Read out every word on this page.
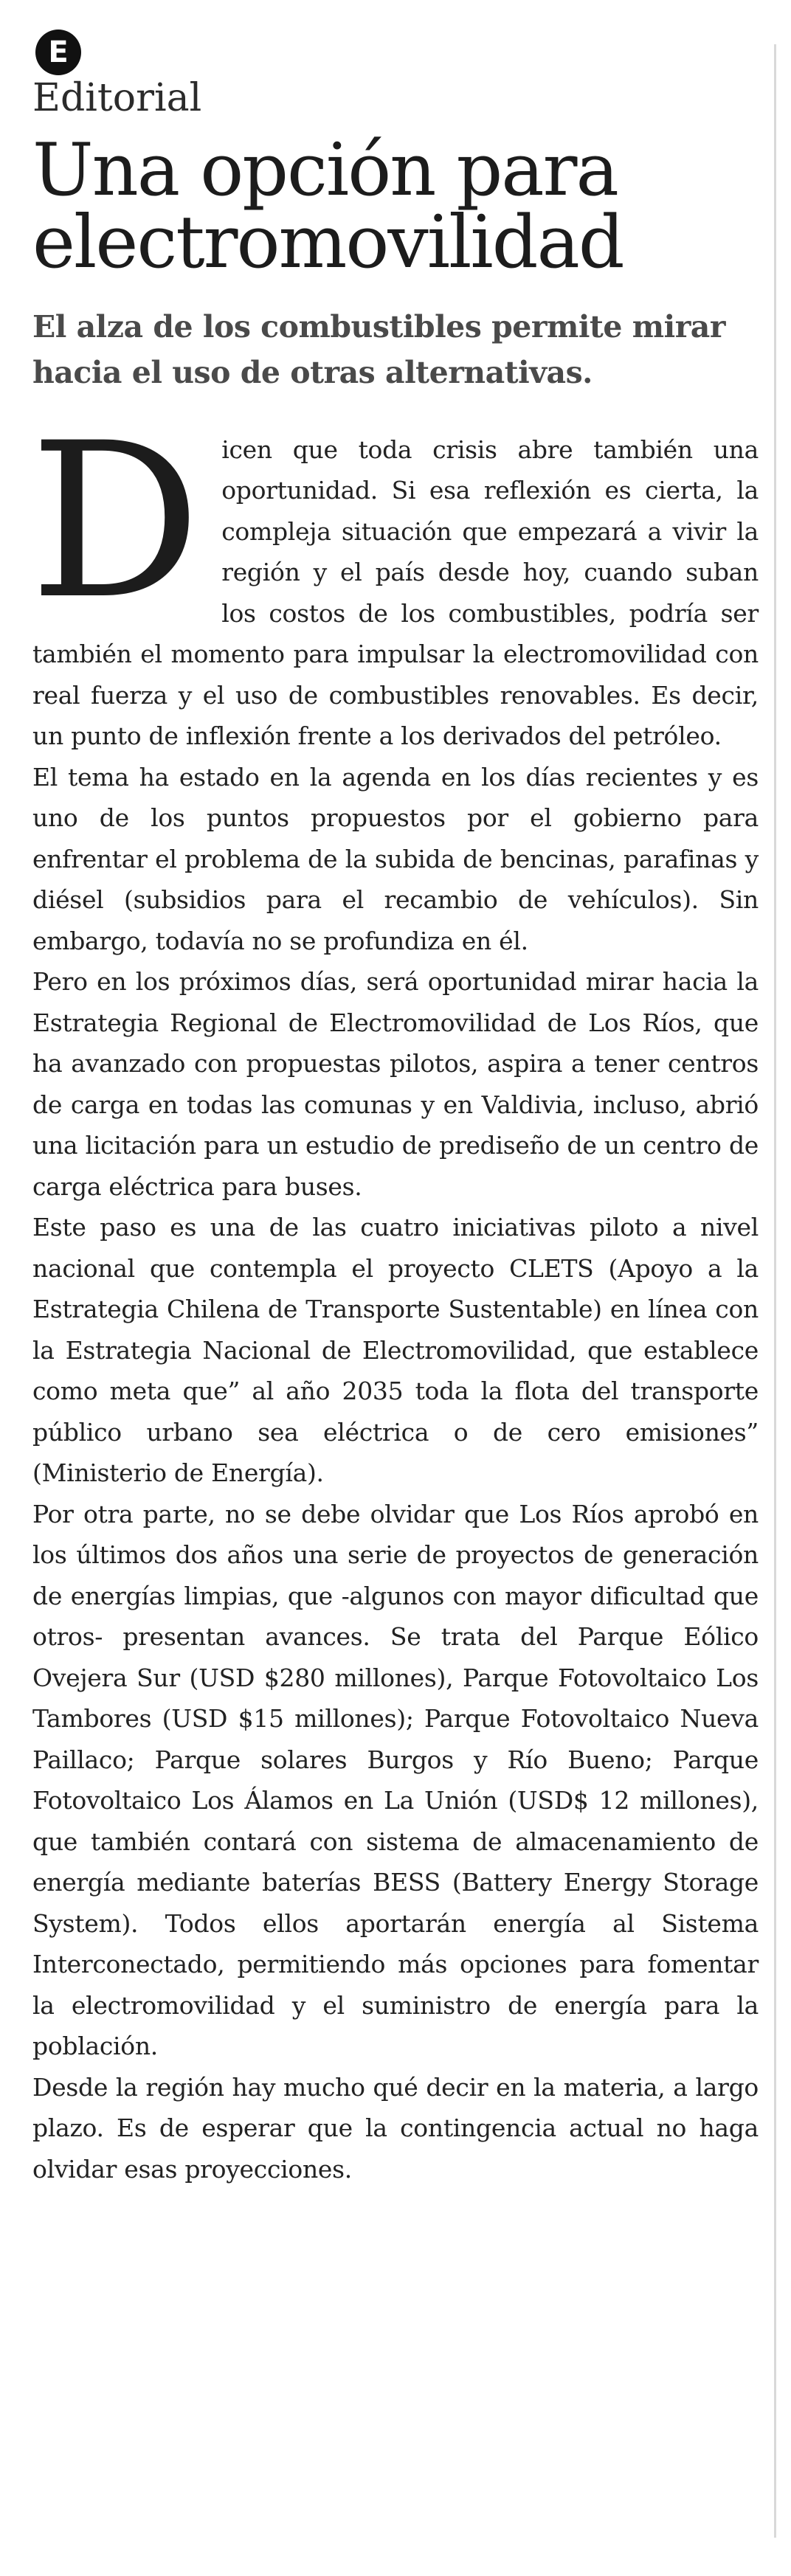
E
Editorial
Una opción para electromovilidad
El alza de los combustibles permite mirar hacia el uso de otras alternativas.

Dicen que toda crisis abre también una oportunidad. Si esa reflexión es cierta, la compleja situación que empezará a vivir la región y el país desde hoy, cuando suban los costos de los combustibles, podría ser también el momento para impulsar la electromovilidad con real fuerza y el uso de combustibles renovables. Es decir, un punto de inflexión frente a los derivados del petróleo.

El tema ha estado en la agenda en los días recientes y es uno de los puntos propuestos por el gobierno para enfrentar el problema de la subida de bencinas, parafinas y diésel (subsidios para el recambio de vehículos). Sin embargo, todavía no se profundiza en él.

Pero en los próximos días, será oportunidad mirar hacia la Estrategia Regional de Electromovilidad de Los Ríos, que ha avanzado con propuestas pilotos, aspira a tener centros de carga en todas las comunas y en Valdivia, incluso, abrió una licitación para un estudio de prediseño de un centro de carga eléctrica para buses.

Este paso es una de las cuatro iniciativas piloto a nivel nacional que contempla el proyecto CLETS (Apoyo a la Estrategia Chilena de Transporte Sustentable) en línea con la Estrategia Nacional de Electromovilidad, que establece como meta que” al año 2035 toda la flota del transporte público urbano sea eléctrica o de cero emisiones” (Ministerio de Energía).

Por otra parte, no se debe olvidar que Los Ríos aprobó en los últimos dos años una serie de proyectos de generación de energías limpias, que -algunos con mayor dificultad que otros- presentan avances. Se trata del Parque Eólico Ovejera Sur (USD $280 millones), Parque Fotovoltaico Los Tambores (USD $15 millones); Parque Fotovoltaico Nueva Paillaco; Parque solares Burgos y Río Bueno; Parque Fotovoltaico Los Álamos en La Unión (USD$ 12 millones), que también contará con sistema de almacenamiento de energía mediante baterías BESS (Battery Energy Storage System). Todos ellos aportarán energía al Sistema Interconectado, permitiendo más opciones para fomentar la electromovilidad y el suministro de energía para la población.

Desde la región hay mucho qué decir en la materia, a largo plazo. Es de esperar que la contingencia actual no haga olvidar esas proyecciones.
